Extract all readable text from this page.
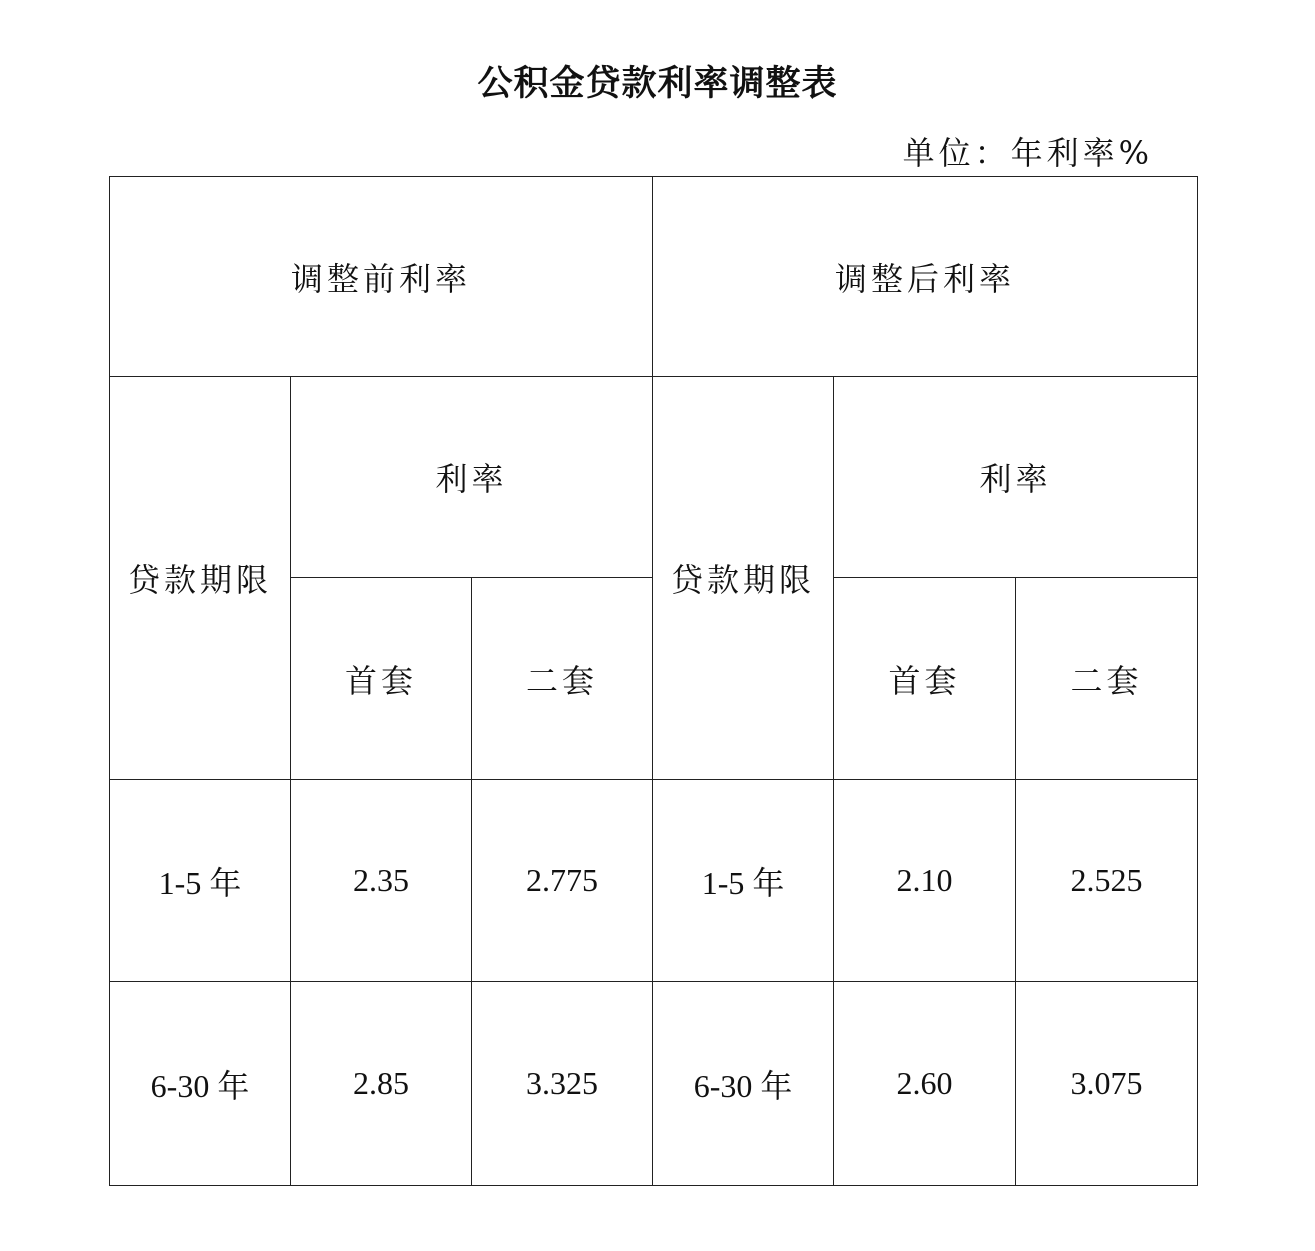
公积金贷款利率调整表
单位：年利率%
调整前利率			调整后利率		
贷款期限	利率		贷款期限	利率	
	首套	二套		首套	二套
1-5 年	2.35	2.775	1-5 年	2.10	2.525
6-30 年	2.85	3.325	6-30 年	2.60	3.075
